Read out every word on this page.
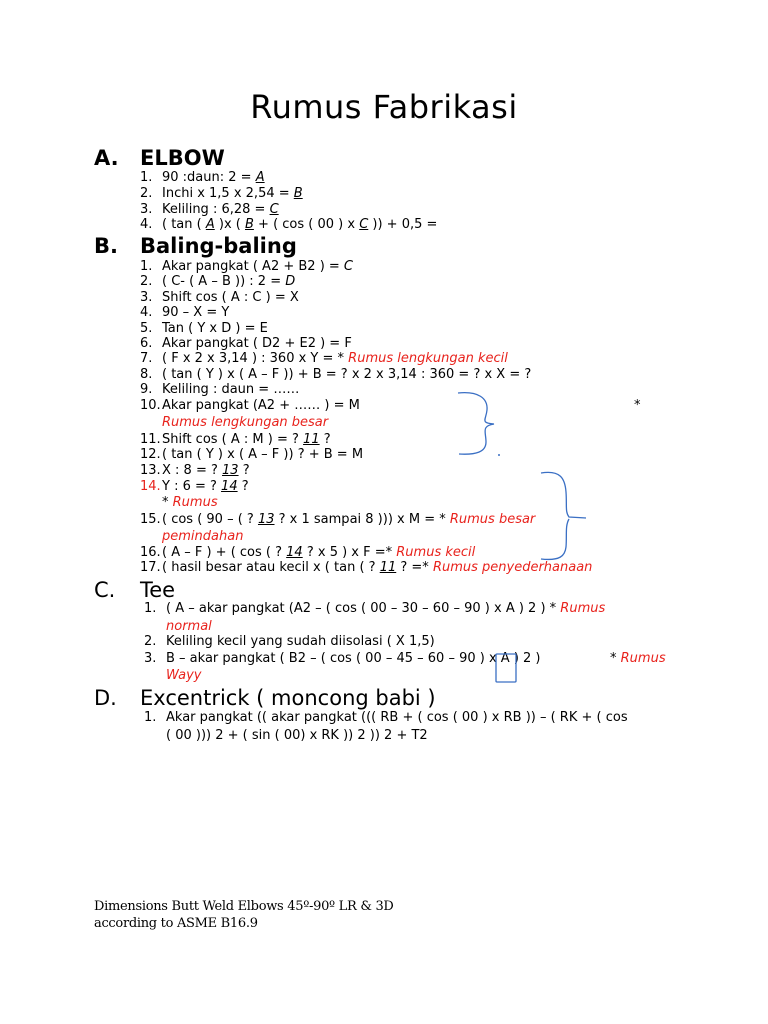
Rumus Fabrikasi
A. ELBOW
1. 90 :daun: 2 = A
2. Inchi x 1,5 x 2,54 = B
3. Keliling : 6,28 = C
4. ( tan ( A )x ( B + ( cos ( 00 ) x C )) + 0,5 =
B. Baling-baling
1. Akar pangkat ( A2 + B2 ) = C
2. ( C- ( A – B )) : 2 = D
3. Shift cos ( A : C ) = X
4. 90 – X = Y
5. Tan ( Y x D ) = E
6. Akar pangkat ( D2 + E2 ) = F
7. ( F x 2 x 3,14 ) : 360 x Y = * Rumus lengkungan kecil
8. ( tan ( Y ) x ( A – F )) + B = ? x 2 x 3,14 : 360 = ? x X = ?
9. Keliling : daun = ……
10. Akar pangkat (A2 + …… ) = M	*
Rumus lengkungan besar
11. Shift cos ( A : M ) = ? 11 ?
12. ( tan ( Y ) x ( A – F )) ? + B = M
13. X : 8 = ? 13 ?
14. Y : 6 = ? 14 ?
* Rumus
15. ( cos ( 90 – ( ? 13 ? x 1 sampai 8 ))) x M = * Rumus besar
pemindahan
16. ( A – F ) + ( cos ( ? 14 ? x 5 ) x F =* Rumus kecil
17. ( hasil besar atau kecil x ( tan ( ? 11 ? =* Rumus penyederhanaan
C. Tee
1. ( A – akar pangkat (A2 – ( cos ( 00 – 30 – 60 – 90 ) x A ) 2 ) * Rumus
normal
2. Keliling kecil yang sudah diisolasi ( X 1,5)
3. B – akar pangkat ( B2 – ( cos ( 00 – 45 – 60 – 90 ) x A ) 2 )	* Rumus
Wayy
D. Excentrick ( moncong babi )
1. Akar pangkat (( akar pangkat ((( RB + ( cos ( 00 ) x RB )) – ( RK + ( cos
( 00 ))) 2 + ( sin ( 00) x RK )) 2 )) 2 + T2
Dimensions Butt Weld Elbows 45º-90º LR & 3D
according to ASME B16.9
